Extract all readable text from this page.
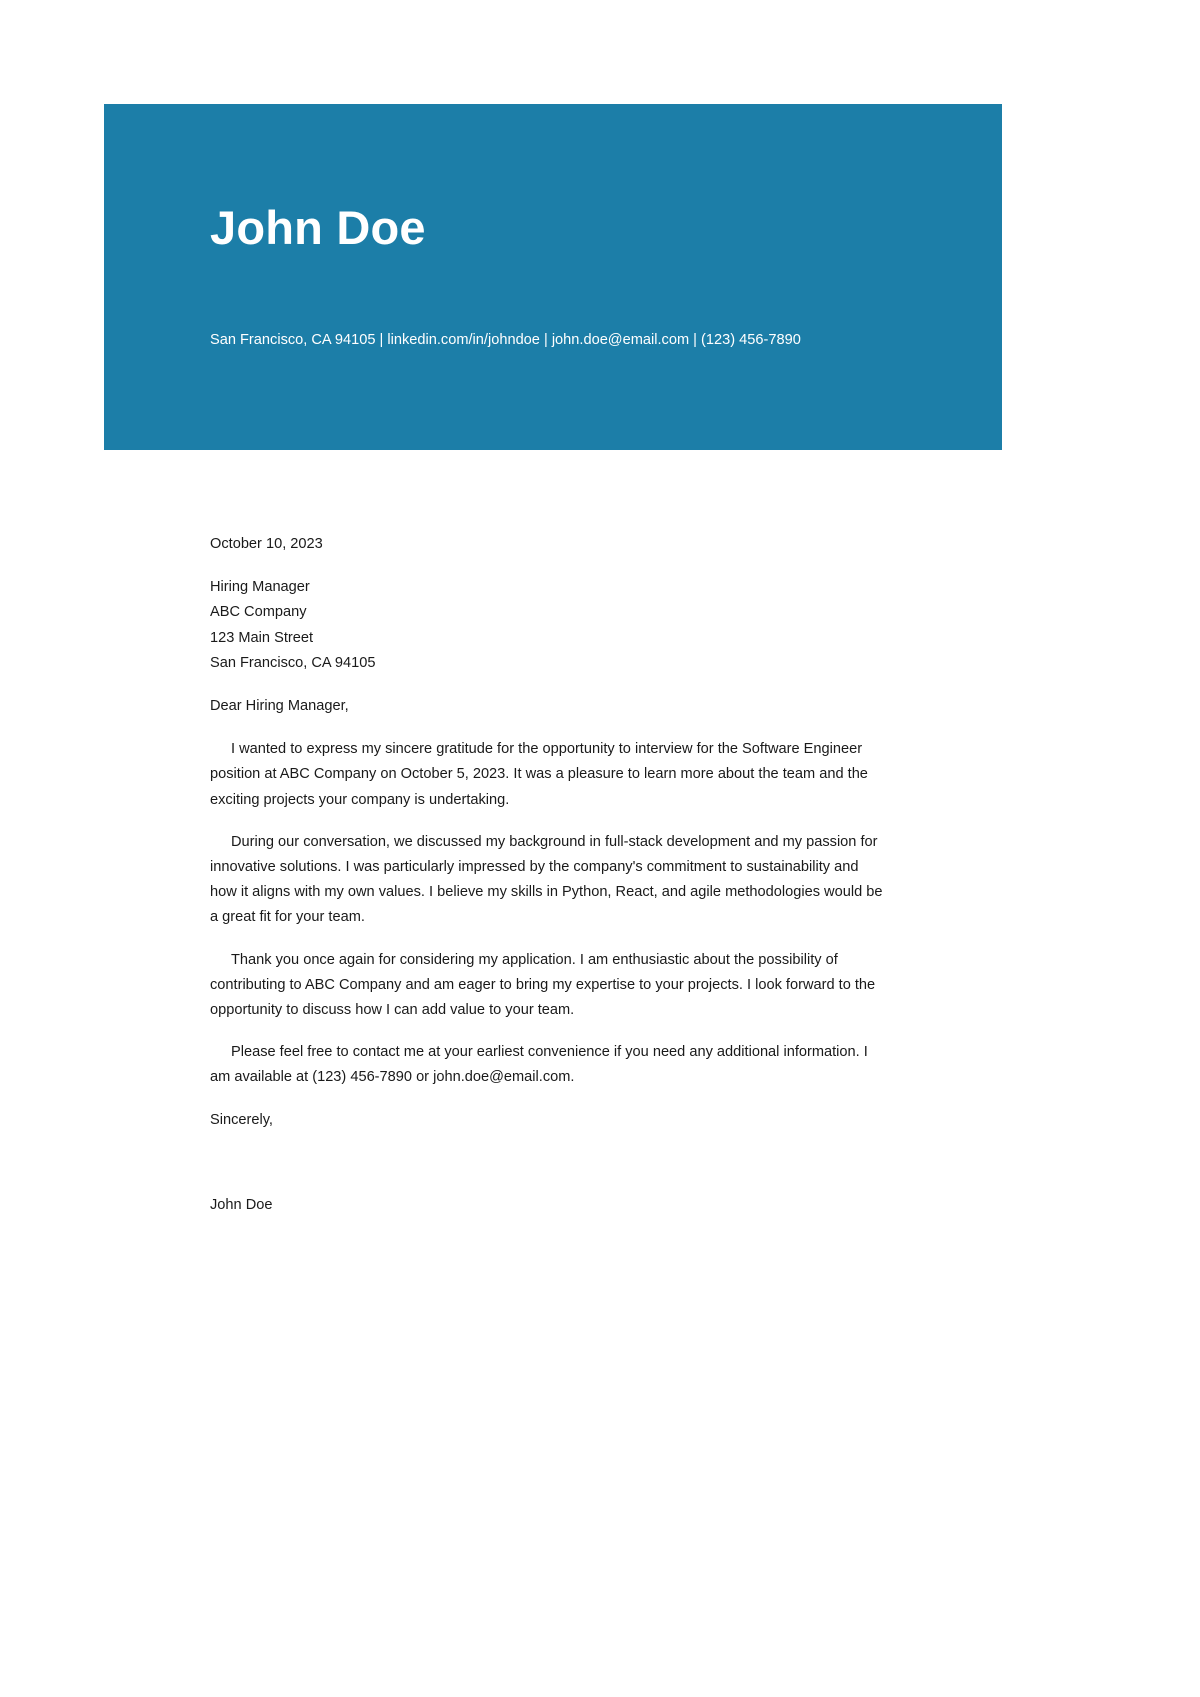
John Doe

San Francisco, CA 94105 | linkedin.com/in/johndoe | john.doe@email.com | (123) 456-7890

October 10, 2023

Hiring Manager

ABC Company

123 Main Street

San Francisco, CA 94105

Dear Hiring Manager,

I wanted to express my sincere gratitude for the opportunity to interview for the Software Engineer position at ABC Company on October 5, 2023. It was a pleasure to learn more about the team and the exciting projects your company is undertaking.

During our conversation, we discussed my background in full-stack development and my passion for innovative solutions. I was particularly impressed by the company's commitment to sustainability and how it aligns with my own values. I believe my skills in Python, React, and agile methodologies would be a great fit for your team.

Thank you once again for considering my application. I am enthusiastic about the possibility of contributing to ABC Company and am eager to bring my expertise to your projects. I look forward to the opportunity to discuss how I can add value to your team.

Please feel free to contact me at your earliest convenience if you need any additional information. I am available at (123) 456-7890 or john.doe@email.com.

Sincerely,

John Doe
